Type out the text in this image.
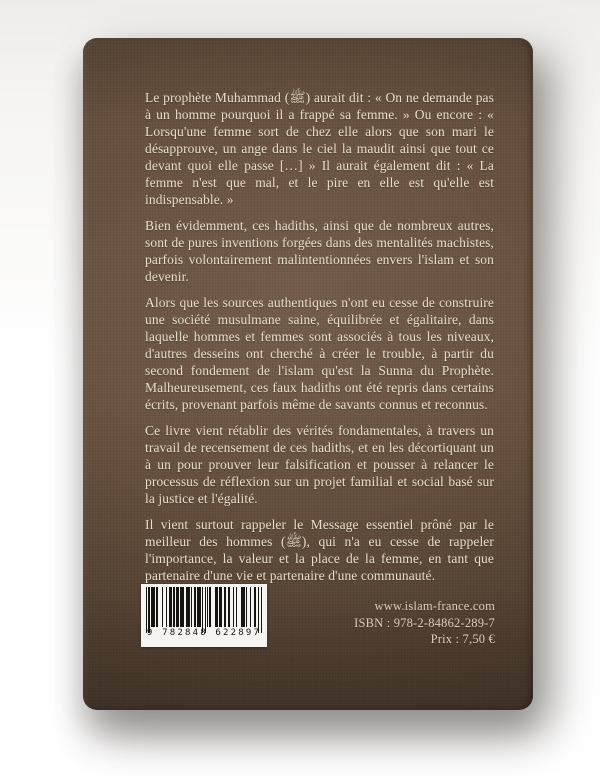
Le prophète Muhammad (ﷺ) aurait dit : « On ne demande pas à un homme pourquoi il a frappé sa femme. » Ou encore : « Lorsqu'une femme sort de chez elle alors que son mari le désapprouve, un ange dans le ciel la maudit ainsi que tout ce devant quoi elle passe […] » Il aurait également dit : « La femme n'est que mal, et le pire en elle est qu'elle est indispensable. »

Bien évidemment, ces hadiths, ainsi que de nombreux autres, sont de pures inventions forgées dans des mentalités machistes, parfois volontairement malintentionnées envers l'islam et son devenir.

Alors que les sources authentiques n'ont eu cesse de construire une société musulmane saine, équilibrée et égalitaire, dans laquelle hommes et femmes sont associés à tous les niveaux, d'autres desseins ont cherché à créer le trouble, à partir du second fondement de l'islam qu'est la Sunna du Prophète. Malheureusement, ces faux hadiths ont été repris dans certains écrits, provenant parfois même de savants connus et reconnus.

Ce livre vient rétablir des vérités fondamentales, à travers un travail de recensement de ces hadiths, et en les décortiquant un à un pour prouver leur falsification et pousser à relancer le processus de réflexion sur un projet familial et social basé sur la justice et l'égalité.

Il vient surtout rappeler le Message essentiel prôné par le meilleur des hommes (ﷺ), qui n'a eu cesse de rappeler l'importance, la valeur et la place de la femme, en tant que partenaire d'une vie et partenaire d'une communauté.

9 782848 622897
www.islam-france.com
ISBN : 978-2-84862-289-7
Prix : 7,50 €
